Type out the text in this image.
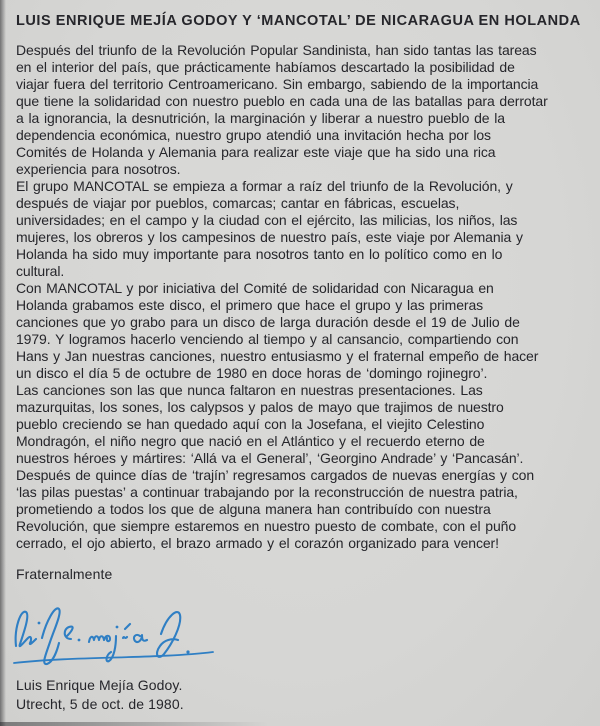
LUIS ENRIQUE MEJÍA GODOY Y ‘MANCOTAL’ DE NICARAGUA EN HOLANDA
Después del triunfo de la Revolución Popular Sandinista, han sido tantas las tareas
en el interior del país, que prácticamente habíamos descartado la posibilidad de
viajar fuera del territorio Centroamericano. Sin embargo, sabiendo de la importancia
que tiene la solidaridad con nuestro pueblo en cada una de las batallas para derrotar
a la ignorancia, la desnutrición, la marginación y liberar a nuestro pueblo de la
dependencia económica, nuestro grupo atendió una invitación hecha por los
Comités de Holanda y Alemania para realizar este viaje que ha sido una rica
experiencia para nosotros.
El grupo MANCOTAL se empieza a formar a raíz del triunfo de la Revolución, y
después de viajar por pueblos, comarcas; cantar en fábricas, escuelas,
universidades; en el campo y la ciudad con el ejército, las milicias, los niños, las
mujeres, los obreros y los campesinos de nuestro país, este viaje por Alemania y
Holanda ha sido muy importante para nosotros tanto en lo político como en lo
cultural.
Con MANCOTAL y por iniciativa del Comité de solidaridad con Nicaragua en
Holanda grabamos este disco, el primero que hace el grupo y las primeras
canciones que yo grabo para un disco de larga duración desde el 19 de Julio de
1979. Y logramos hacerlo venciendo al tiempo y al cansancio, compartiendo con
Hans y Jan nuestras canciones, nuestro entusiasmo y el fraternal empeño de hacer
un disco el día 5 de octubre de 1980 en doce horas de ‘domingo rojinegro’.
Las canciones son las que nunca faltaron en nuestras presentaciones. Las
mazurquitas, los sones, los calypsos y palos de mayo que trajimos de nuestro
pueblo creciendo se han quedado aquí con la Josefana, el viejito Celestino
Mondragón, el niño negro que nació en el Atlántico y el recuerdo eterno de
nuestros héroes y mártires: ‘Allá va el General’, ‘Georgino Andrade’ y ‘Pancasán’.
Después de quince días de ‘trajín’ regresamos cargados de nuevas energías y con
‘las pilas puestas’ a continuar trabajando por la reconstrucción de nuestra patria,
prometiendo a todos los que de alguna manera han contribuído con nuestra
Revolución, que siempre estaremos en nuestro puesto de combate, con el puño
cerrado, el ojo abierto, el brazo armado y el corazón organizado para vencer!
Fraternalmente
Luis Enrique Mejía Godoy.
Utrecht, 5 de oct. de 1980.
